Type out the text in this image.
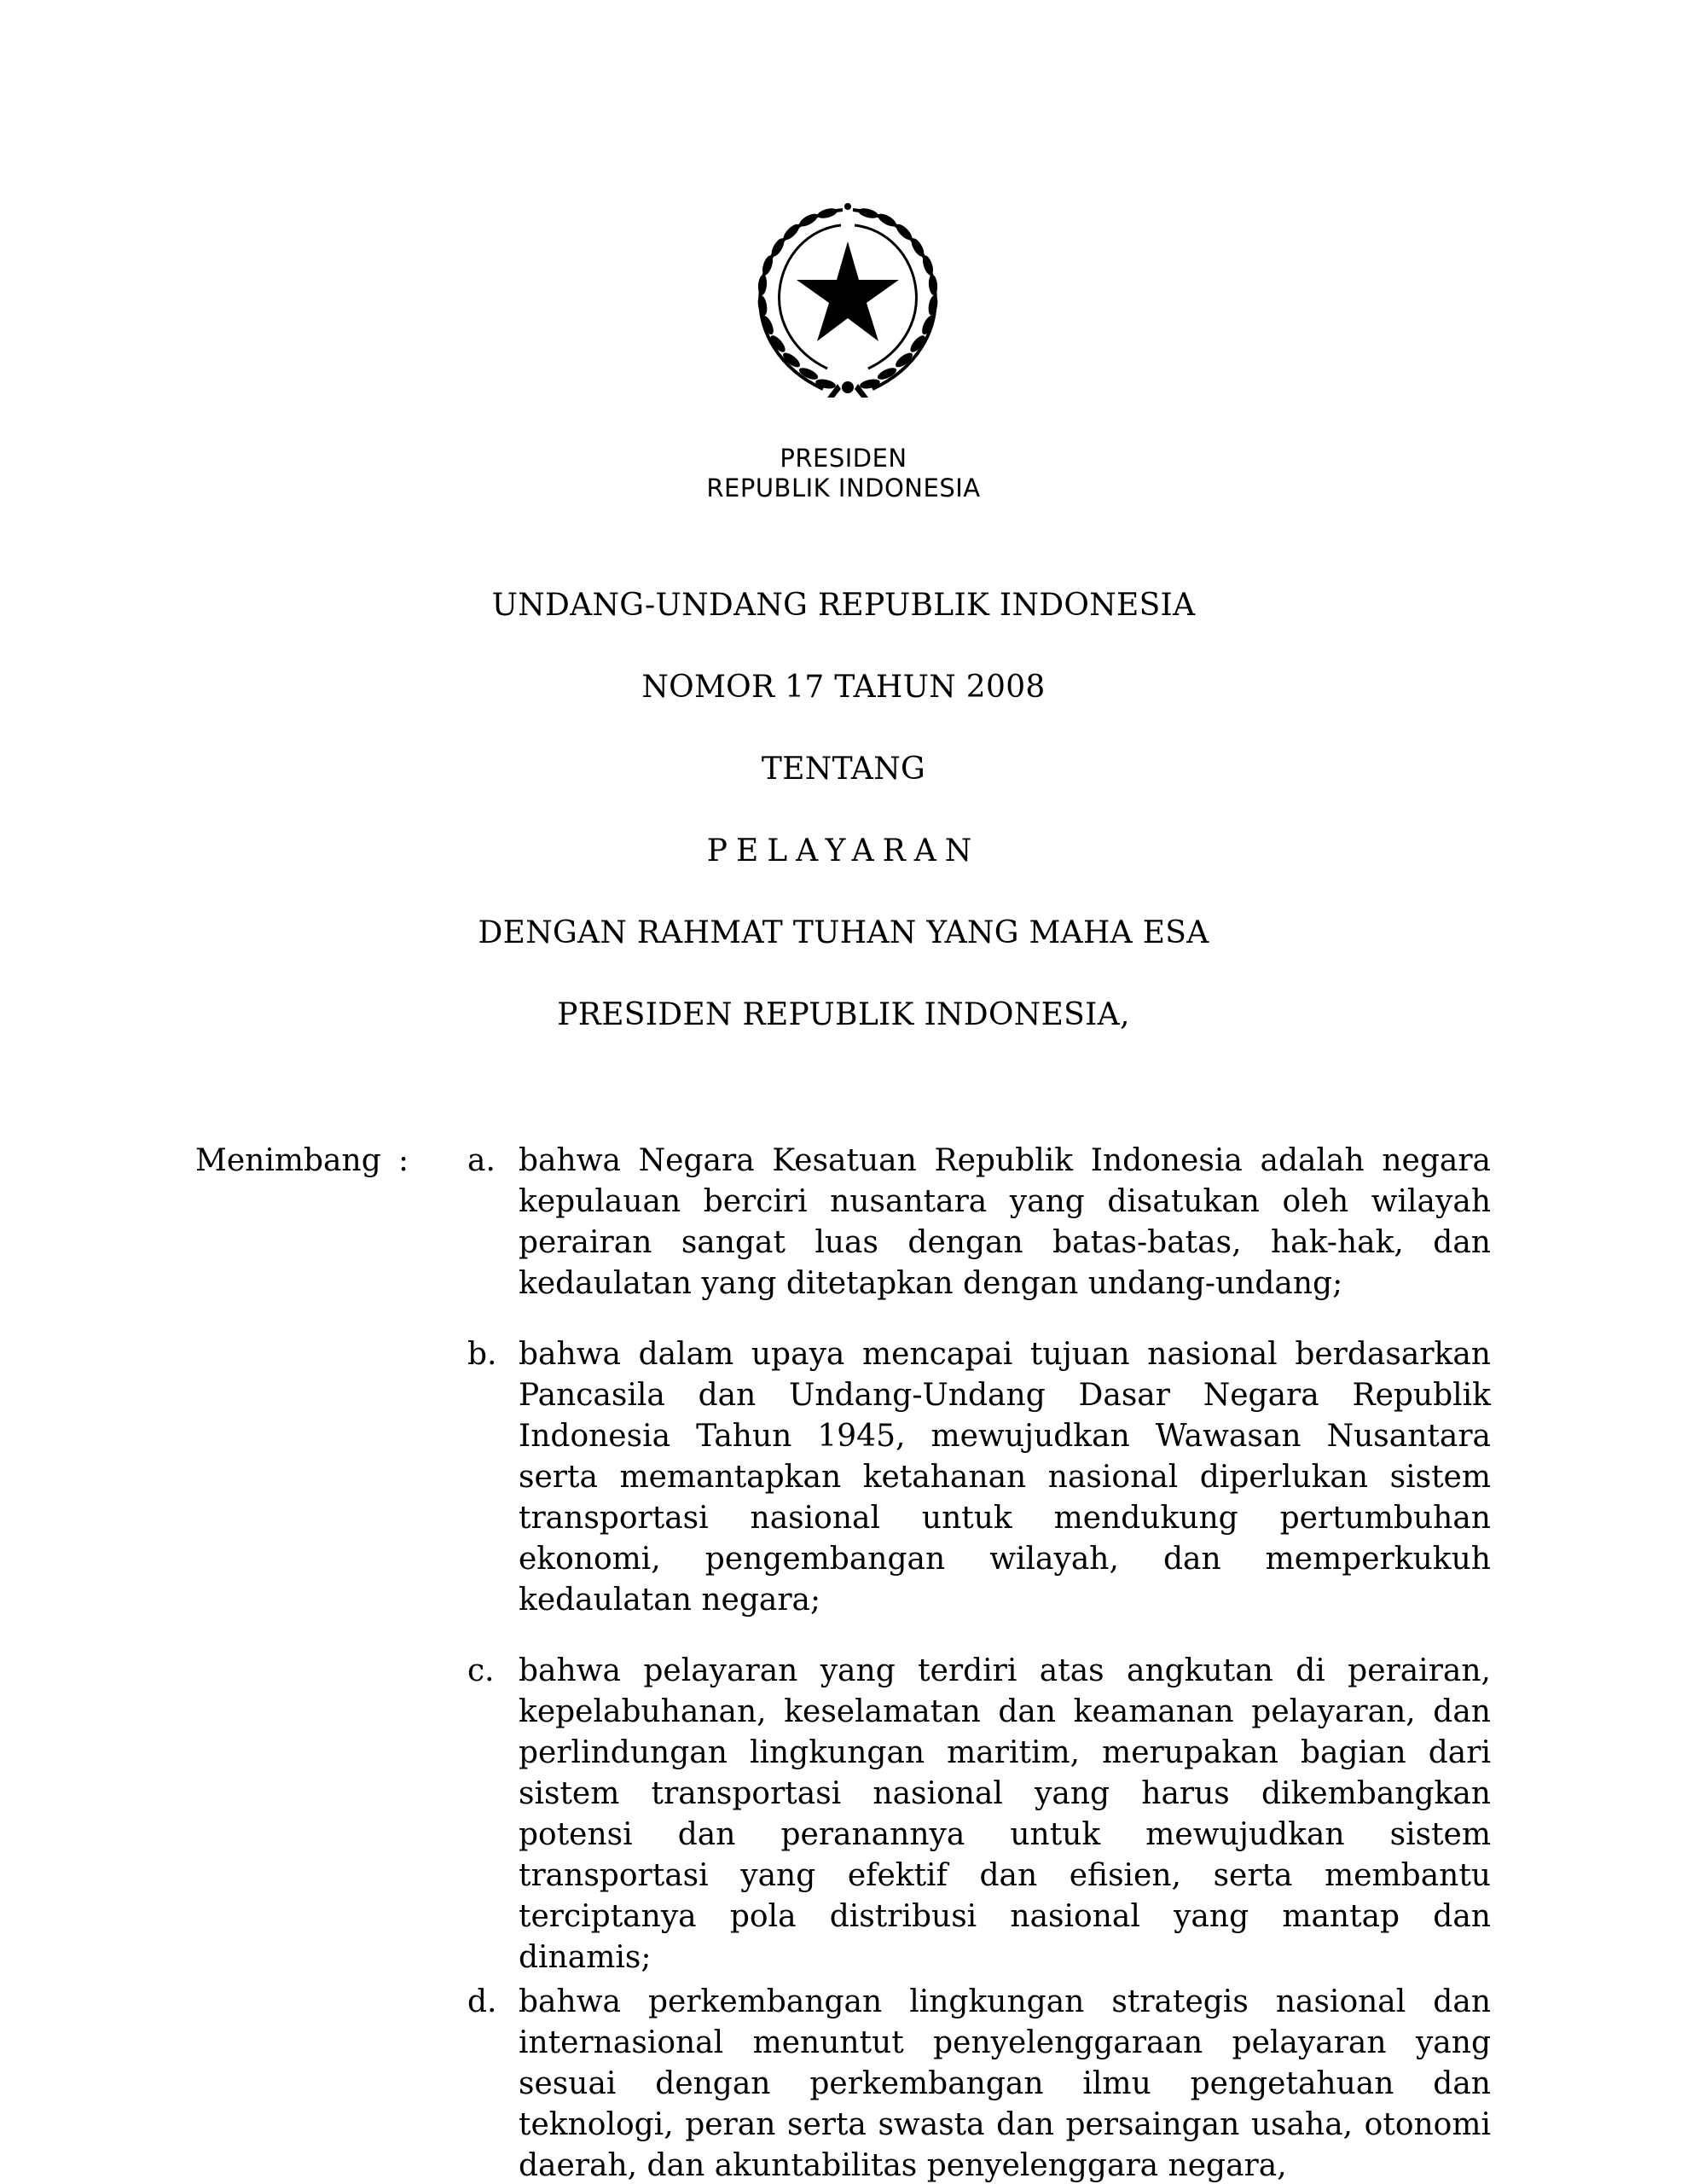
PRESIDEN
REPUBLIK INDONESIA
UNDANG-UNDANG REPUBLIK INDONESIA
NOMOR 17 TAHUN 2008
TENTANG
PELAYARAN
DENGAN RAHMAT TUHAN YANG MAHA ESA
PRESIDEN REPUBLIK INDONESIA,
Menimbang : a. bahwa Negara Kesatuan Republik Indonesia adalah negara kepulauan berciri nusantara yang disatukan oleh wilayah perairan sangat luas dengan batas-batas, hak-hak, dan kedaulatan yang ditetapkan dengan undang-undang;
b. bahwa dalam upaya mencapai tujuan nasional berdasarkan Pancasila dan Undang-Undang Dasar Negara Republik Indonesia Tahun 1945, mewujudkan Wawasan Nusantara serta memantapkan ketahanan nasional diperlukan sistem transportasi nasional untuk mendukung pertumbuhan ekonomi, pengembangan wilayah, dan memperkukuh kedaulatan negara;
c. bahwa pelayaran yang terdiri atas angkutan di perairan, kepelabuhanan, keselamatan dan keamanan pelayaran, dan perlindungan lingkungan maritim, merupakan bagian dari sistem transportasi nasional yang harus dikembangkan potensi dan peranannya untuk mewujudkan sistem transportasi yang efektif dan efisien, serta membantu terciptanya pola distribusi nasional yang mantap dan dinamis;
d. bahwa perkembangan lingkungan strategis nasional dan internasional menuntut penyelenggaraan pelayaran yang sesuai dengan perkembangan ilmu pengetahuan dan teknologi, peran serta swasta dan persaingan usaha, otonomi daerah, dan akuntabilitas penyelenggara negara,
